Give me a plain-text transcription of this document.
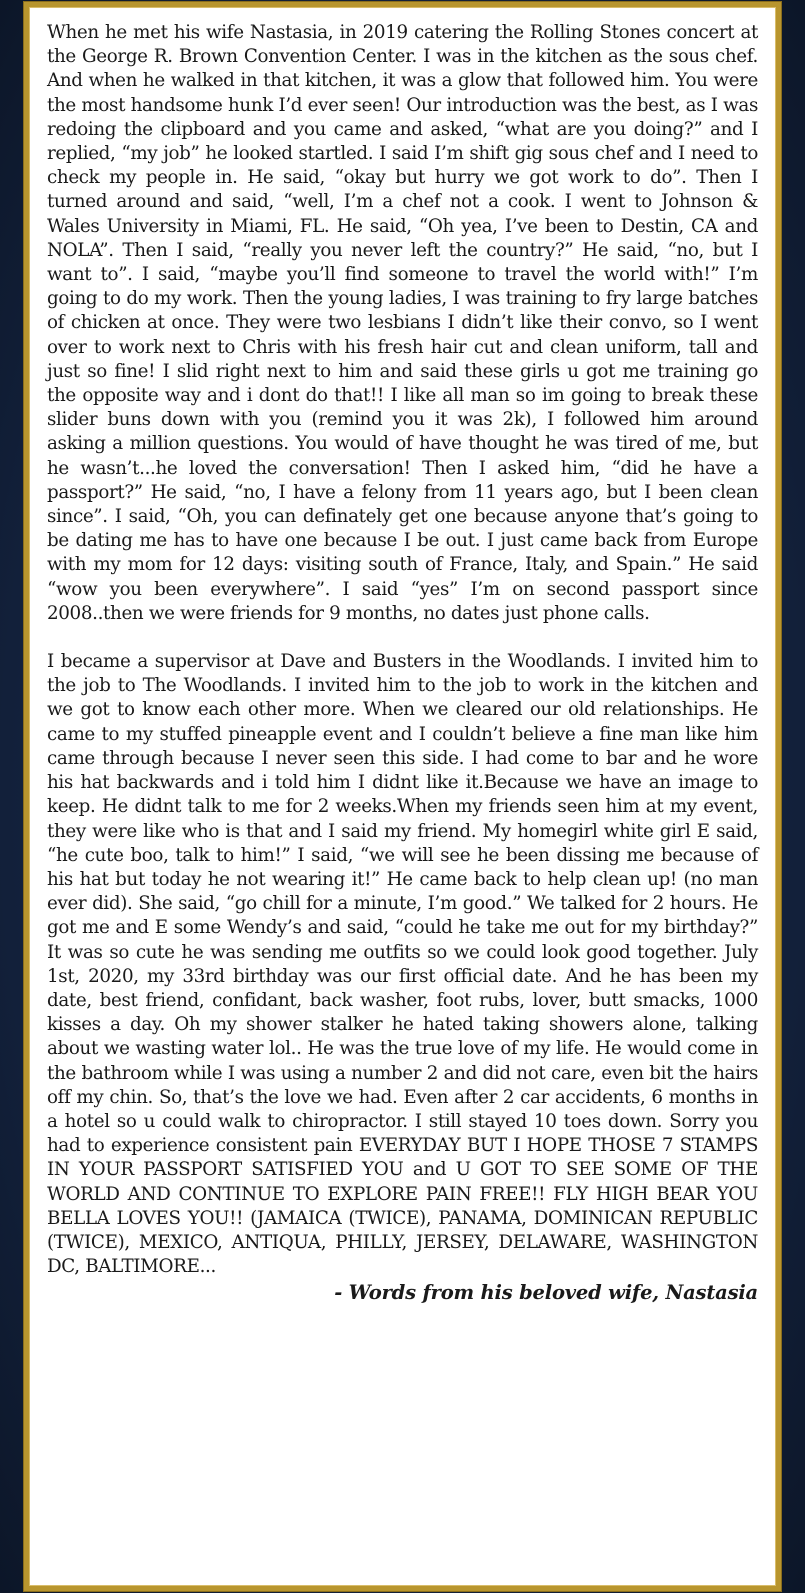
When he met his wife Nastasia, in 2019 catering the Rolling Stones concert at the George R. Brown Convention Center. I was in the kitchen as the sous chef. And when he walked in that kitchen, it was a glow that followed him. You were the most handsome hunk I’d ever seen! Our introduction was the best, as I was redoing the clipboard and you came and asked, “what are you doing?” and I replied, “my job” he looked startled. I said I’m shift gig sous chef and I need to check my people in. He said, “okay but hurry we got work to do”. Then I turned around and said, “well, I’m a chef not a cook. I went to Johnson & Wales University in Miami, FL. He said, “Oh yea, I’ve been to Destin, CA and NOLA”. Then I said, “really you never left the country?” He said, “no, but I want to”. I said, “maybe you’ll find someone to travel the world with!” I’m going to do my work. Then the young ladies, I was training to fry large batches of chicken at once. They were two lesbians I didn’t like their convo, so I went over to work next to Chris with his fresh hair cut and clean uniform, tall and just so fine! I slid right next to him and said these girls u got me training go the opposite way and i dont do that!! I like all man so im going to break these slider buns down with you (remind you it was 2k), I followed him around asking a million questions. You would of have thought he was tired of me, but he wasn’t...he loved the conversation! Then I asked him, “did he have a passport?” He said, “no, I have a felony from 11 years ago, but I been clean since”. I said, “Oh, you can definately get one because anyone that’s going to be dating me has to have one because I be out. I just came back from Europe with my mom for 12 days: visiting south of France, Italy, and Spain.” He said “wow you been everywhere”. I said “yes” I’m on second passport since 2008..then we were friends for 9 months, no dates just phone calls.

I became a supervisor at Dave and Busters in the Woodlands. I invited him to the job to The Woodlands. I invited him to the job to work in the kitchen and we got to know each other more. When we cleared our old relationships. He came to my stuffed pineapple event and I couldn’t believe a fine man like him came through because I never seen this side. I had come to bar and he wore his hat backwards and i told him I didnt like it.Because we have an image to keep. He didnt talk to me for 2 weeks.When my friends seen him at my event, they were like who is that and I said my friend. My homegirl white girl E said, “he cute boo, talk to him!” I said, “we will see he been dissing me because of his hat but today he not wearing it!” He came back to help clean up! (no man ever did). She said, “go chill for a minute, I’m good.” We talked for 2 hours. He got me and E some Wendy’s and said, “could he take me out for my birthday?” It was so cute he was sending me outfits so we could look good together. July 1st, 2020, my 33rd birthday was our first official date. And he has been my date, best friend, confidant, back washer, foot rubs, lover, butt smacks, 1000 kisses a day. Oh my shower stalker he hated taking showers alone, talking about we wasting water lol.. He was the true love of my life. He would come in the bathroom while I was using a number 2 and did not care, even bit the hairs off my chin. So, that’s the love we had. Even after 2 car accidents, 6 months in a hotel so u could walk to chiropractor. I still stayed 10 toes down. Sorry you had to experience consistent pain EVERYDAY BUT I HOPE THOSE 7 STAMPS IN YOUR PASSPORT SATISFIED YOU and U GOT TO SEE SOME OF THE WORLD AND CONTINUE TO EXPLORE PAIN FREE!! FLY HIGH BEAR YOU BELLA LOVES YOU!! (JAMAICA (TWICE), PANAMA, DOMINICAN REPUBLIC (TWICE), MEXICO, ANTIQUA, PHILLY, JERSEY, DELAWARE, WASHINGTON DC, BALTIMORE...

- Words from his beloved wife, Nastasia
